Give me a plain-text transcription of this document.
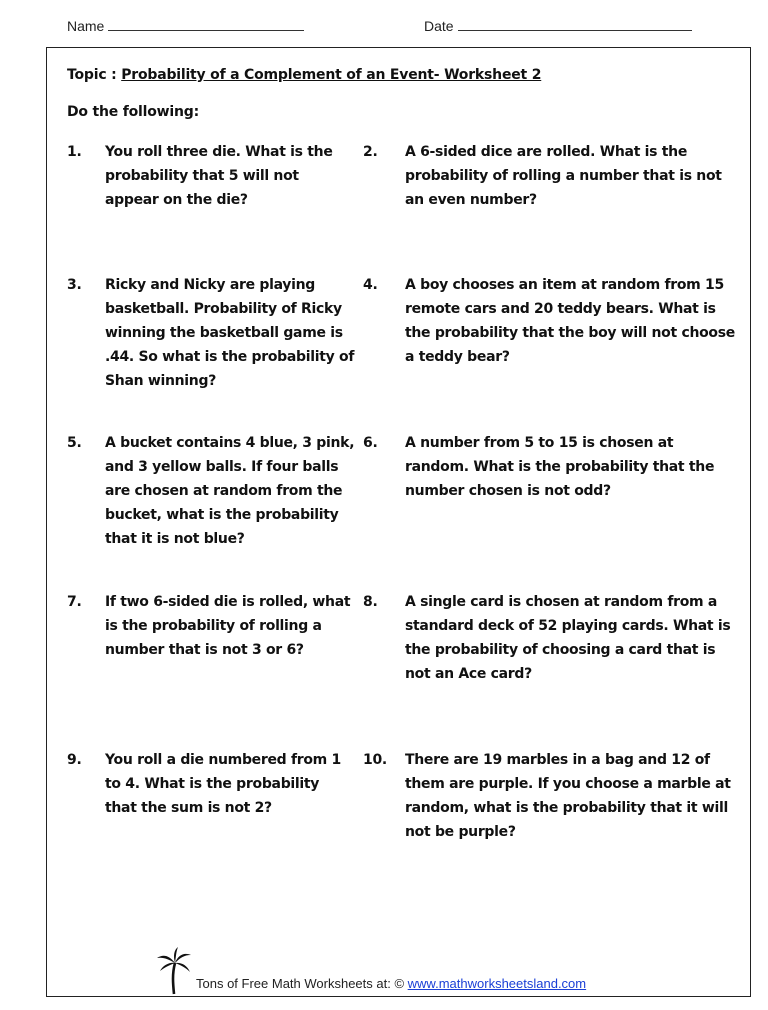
Name	Date
Topic : Probability of a Complement of an Event- Worksheet 2
Do the following:
1. You roll three die. What is the probability that 5 will not appear on the die?
2. A 6-sided dice are rolled. What is the probability of rolling a number that is not an even number?
3. Ricky and Nicky are playing basketball. Probability of Ricky winning the basketball game is .44. So what is the probability of Shan winning?
4. A boy chooses an item at random from 15 remote cars and 20 teddy bears. What is the probability that the boy will not choose a teddy bear?
5. A bucket contains 4 blue, 3 pink, and 3 yellow balls. If four balls are chosen at random from the bucket, what is the probability that it is not blue?
6. A number from 5 to 15 is chosen at random. What is the probability that the number chosen is not odd?
7. If two 6-sided die is rolled, what is the probability of rolling a number that is not 3 or 6?
8. A single card is chosen at random from a standard deck of 52 playing cards. What is the probability of choosing a card that is not an Ace card?
9. You roll a die numbered from 1 to 4. What is the probability that the sum is not 2?
10. There are 19 marbles in a bag and 12 of them are purple. If you choose a marble at random, what is the probability that it will not be purple?
Tons of Free Math Worksheets at: © www.mathworksheetsland.com
